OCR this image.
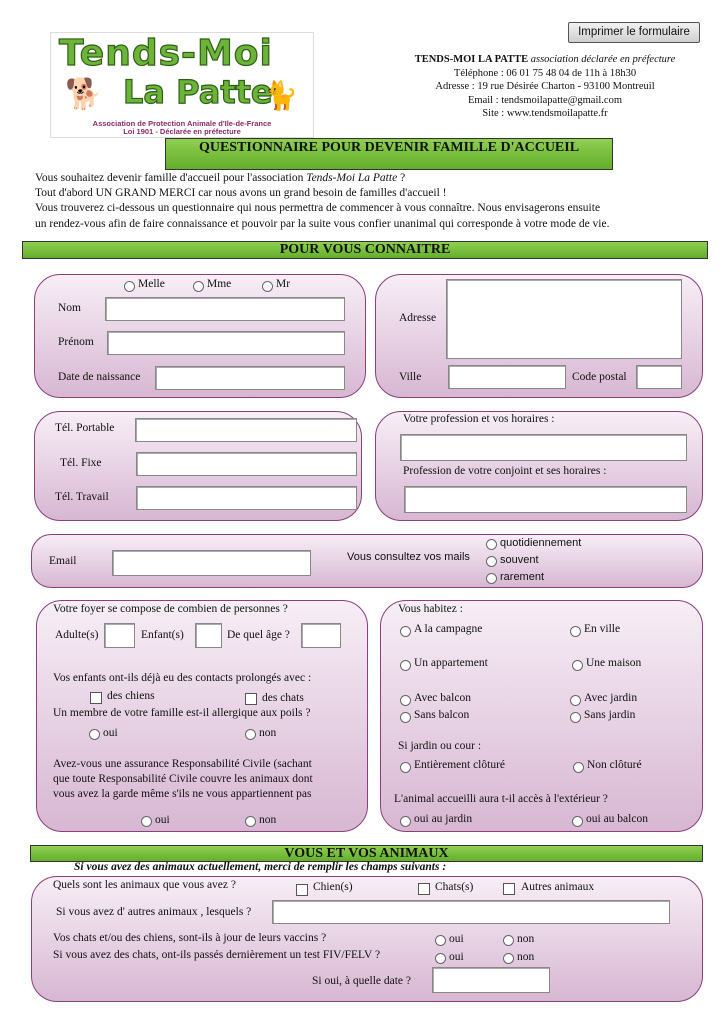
Imprimer le formulaire
Tends-Moi
La Patte
🐕	🐈
Association de Protection Animale d'Ile-de-France
Loi 1901 - Déclarée en préfecture
TENDS-MOI LA PATTE association déclarée en préfecture
Téléphone : 06 01 75 48 04 de 11h à 18h30
Adresse : 19 rue Désirée Charton - 93100 Montreuil
Email : tendsmoilapatte@gmail.com
Site : www.tendsmoilapatte.fr
QUESTIONNAIRE POUR DEVENIR FAMILLE D'ACCUEIL
Vous souhaitez devenir famille d'accueil pour l'association Tends-Moi La Patte ?
Tout d'abord UN GRAND MERCI car nous avons un grand besoin de familles d'accueil !
Vous trouverez ci-dessous un questionnaire qui nous permettra de commencer à vous connaître. Nous envisagerons ensuite
un rendez-vous afin de faire connaissance et pouvoir par la suite vous confier unanimal qui corresponde à votre mode de vie.
POUR VOUS CONNAITRE
Melle	Mme	Mr
Nom
Prénom
Date de naissance
Adresse
Ville	Code postal
Tél. Portable
Tél. Fixe
Tél. Travail
Votre profession et vos horaires :
Profession de votre conjoint et ses horaires :
Email	Vous consultez vos mails
quotidiennement
souvent
rarement
Votre foyer se compose de combien de personnes ?
Adulte(s)	Enfant(s)	De quel âge ?
Vos enfants ont-ils déjà eu des contacts prolongés avec :
des chiens	des chats
Un membre de votre famille est-il allergique aux poils ?
oui	non
Avez-vous une assurance Responsabilité Civile (sachant
que toute Responsabilité Civile couvre les animaux dont
vous avez la garde même s'ils ne vous appartiennent pas
oui	non
Vous habitez :
A la campagne	En ville
Un appartement	Une maison
Avec balcon	Avec jardin
Sans balcon	Sans jardin
Si jardin ou cour :
Entièrement clôturé	Non clôturé
L'animal accueilli aura t-il accès à l'extérieur ?
oui au jardin	oui au balcon
VOUS ET VOS ANIMAUX
Si vous avez des animaux actuellement, merci de remplir les champs suivants :
Quels sont les animaux que vous avez ?	Chien(s)	Chats(s)	Autres animaux
Si vous avez d' autres animaux , lesquels ?
Vos chats et/ou des chiens, sont-ils à jour de leurs vaccins ?	oui	non
Si vous avez des chats, ont-ils passés dernièrement un test FIV/FELV ?	oui	non
Si oui, à quelle date ?
